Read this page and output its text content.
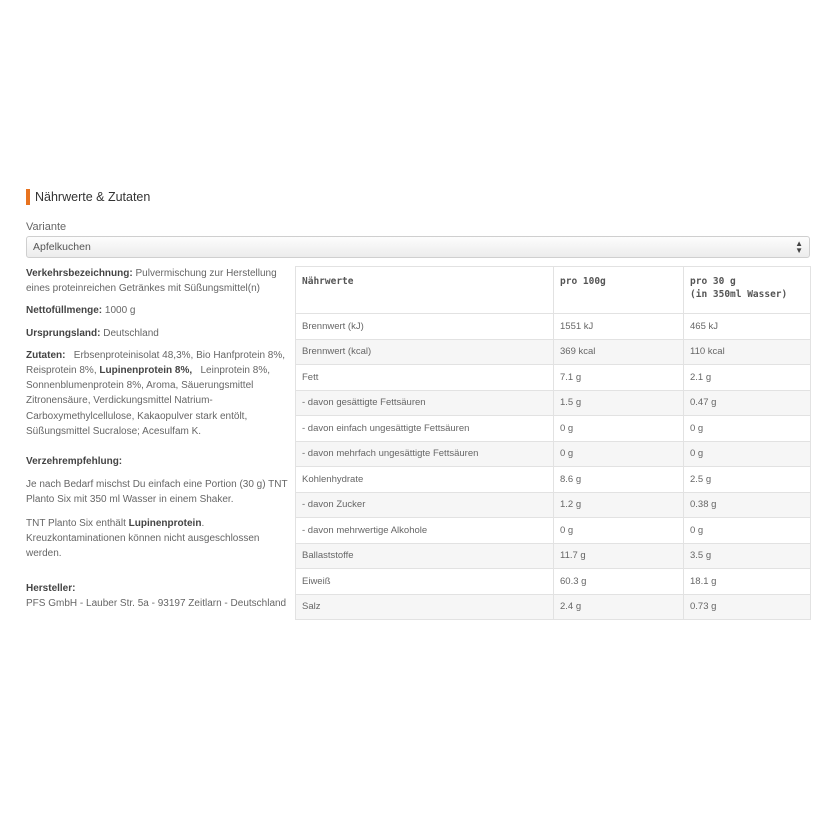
Nährwerte & Zutaten
Variante
Apfelkuchen	▲
▼

Verkehrsbezeichnung: Pulvermischung zur Herstellung eines proteinreichen Getränkes mit Süßungsmittel(n)

Nettofüllmenge: 1000 g

Ursprungsland: Deutschland

Zutaten: Erbsenproteinisolat 48,3%, Bio Hanfprotein 8%, Reisprotein 8%, Lupinenprotein 8%, Leinprotein 8%, Sonnenblumenprotein 8%, Aroma, Säuerungsmittel Zitronensäure, Verdickungsmittel Natrium-Carboxymethylcellulose, Kakaopulver stark entölt, Süßungsmittel Sucralose; Acesulfam K.

Verzehrempfehlung:

Je nach Bedarf mischst Du einfach eine Portion (30 g) TNT Planto Six mit 350 ml Wasser in einem Shaker.

TNT Planto Six enthält Lupinenprotein. Kreuzkontaminationen können nicht ausgeschlossen werden.

Hersteller:

PFS GmbH - Lauber Str. 5a - 93197 Zeitlarn - Deutschland

Nährwerte	pro 100g	pro 30 g
(in 350ml Wasser)
Brennwert (kJ)	1551 kJ	465 kJ
Brennwert (kcal)	369 kcal	110 kcal
Fett	7.1 g	2.1 g
- davon gesättigte Fettsäuren	1.5 g	0.47 g
- davon einfach ungesättigte Fettsäuren	0 g	0 g
- davon mehrfach ungesättigte Fettsäuren	0 g	0 g
Kohlenhydrate	8.6 g	2.5 g
- davon Zucker	1.2 g	0.38 g
- davon mehrwertige Alkohole	0 g	0 g
Ballaststoffe	11.7 g	3.5 g
Eiweiß	60.3 g	18.1 g
Salz	2.4 g	0.73 g
